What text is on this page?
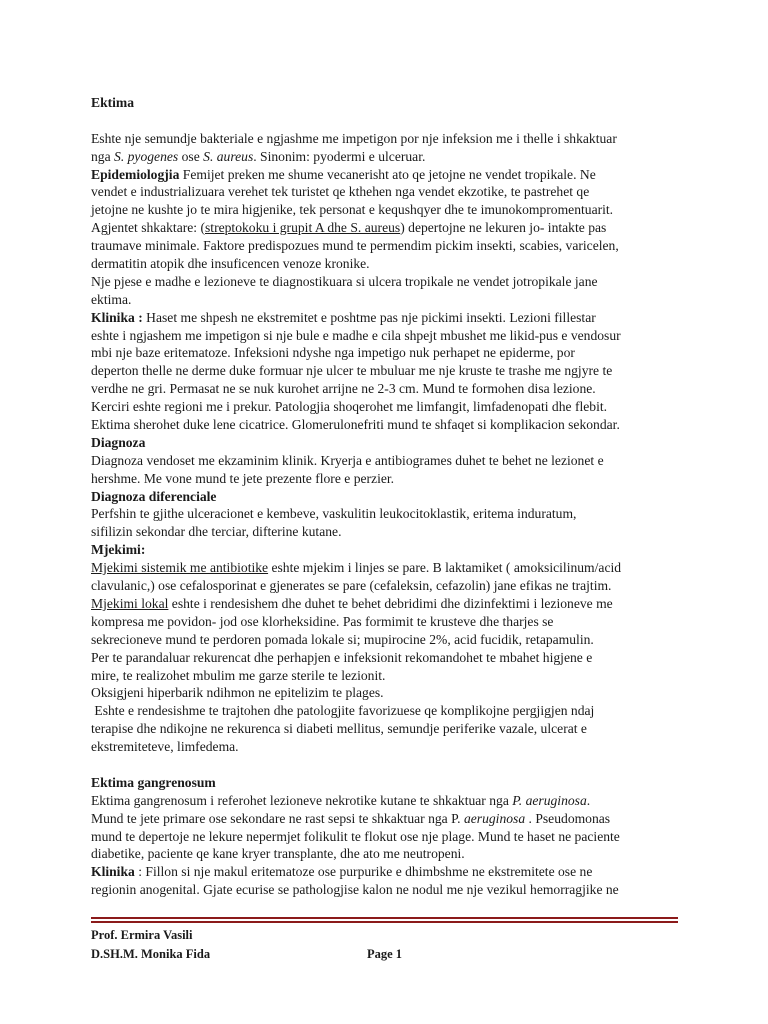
Ektima
Eshte nje semundje bakteriale e ngjashme me impetigon por nje infeksion me i thelle i shkaktuar
nga S. pyogenes ose S. aureus. Sinonim: pyodermi e ulceruar.
Epidemiologjia Femijet preken me shume vecanerisht ato qe jetojne ne vendet tropikale. Ne
vendet e industrializuara verehet tek turistet qe kthehen nga vendet ekzotike, te pastrehet qe
jetojne ne kushte jo te mira higjenike, tek personat e kequshqyer dhe te imunokompromentuarit.
Agjentet shkaktare: (streptokoku i grupit A dhe S. aureus) depertojne ne lekuren jo- intakte pas
traumave minimale. Faktore predispozues mund te permendim pickim insekti, scabies, varicelen,
dermatitin atopik dhe insuficencen venoze kronike.
Nje pjese e madhe e lezioneve te diagnostikuara si ulcera tropikale ne vendet jotropikale jane
ektima.
Klinika : Haset me shpesh ne ekstremitet e poshtme pas nje pickimi insekti. Lezioni fillestar
eshte i ngjashem me impetigon si nje bule e madhe e cila shpejt mbushet me likid-pus e vendosur
mbi nje baze eritematoze. Infeksioni ndyshe nga impetigo nuk perhapet ne epiderme, por
deperton thelle ne derme duke formuar nje ulcer te mbuluar me nje kruste te trashe me ngjyre te
verdhe ne gri. Permasat ne se nuk kurohet arrijne ne 2-3 cm. Mund te formohen disa lezione.
Kerciri eshte regioni me i prekur. Patologjia shoqerohet me limfangit, limfadenopati dhe flebit.
Ektima sherohet duke lene cicatrice. Glomerulonefriti mund te shfaqet si komplikacion sekondar.
Diagnoza
Diagnoza vendoset me ekzaminim klinik. Kryerja e antibiogrames duhet te behet ne lezionet e
hershme. Me vone mund te jete prezente flore e perzier.
Diagnoza diferenciale
Perfshin te gjithe ulceracionet e kembeve, vaskulitin leukocitoklastik, eritema induratum,
sifilizin sekondar dhe terciar, difterine kutane.
Mjekimi:
Mjekimi sistemik me antibiotike eshte mjekim i linjes se pare. B laktamiket ( amoksicilinum/acid
clavulanic,) ose cefalosporinat e gjenerates se pare (cefaleksin, cefazolin) jane efikas ne trajtim.
Mjekimi lokal eshte i rendesishem dhe duhet te behet debridimi dhe dizinfektimi i lezioneve me
kompresa me povidon- jod ose klorheksidine. Pas formimit te krusteve dhe tharjes se
sekrecioneve mund te perdoren pomada lokale si; mupirocine 2%, acid fucidik, retapamulin.
Per te parandaluar rekurencat dhe perhapjen e infeksionit rekomandohet te mbahet higjene e
mire, te realizohet mbulim me garze sterile te lezionit.
Oksigjeni hiperbarik ndihmon ne epitelizim te plages.
Eshte e rendesishme te trajtohen dhe patologjite favorizuese qe komplikojne pergjigjen ndaj
terapise dhe ndikojne ne rekurenca si diabeti mellitus, semundje periferike vazale, ulcerat e
ekstremiteteve, limfedema.
Ektima gangrenosum
Ektima gangrenosum i referohet lezioneve nekrotike kutane te shkaktuar nga P. aeruginosa.
Mund te jete primare ose sekondare ne rast sepsi te shkaktuar nga P. aeruginosa . Pseudomonas
mund te depertoje ne lekure nepermjet folikulit te flokut ose nje plage. Mund te haset ne paciente
diabetike, paciente qe kane kryer transplante, dhe ato me neutropeni.
Klinika : Fillon si nje makul eritematoze ose purpurike e dhimbshme ne ekstremitete ose ne
regionin anogenital. Gjate ecurise se pathologjise kalon ne nodul me nje vezikul hemorragjike ne
Prof. Ermira Vasili
D.SH.M. Monika Fida	Page 1
